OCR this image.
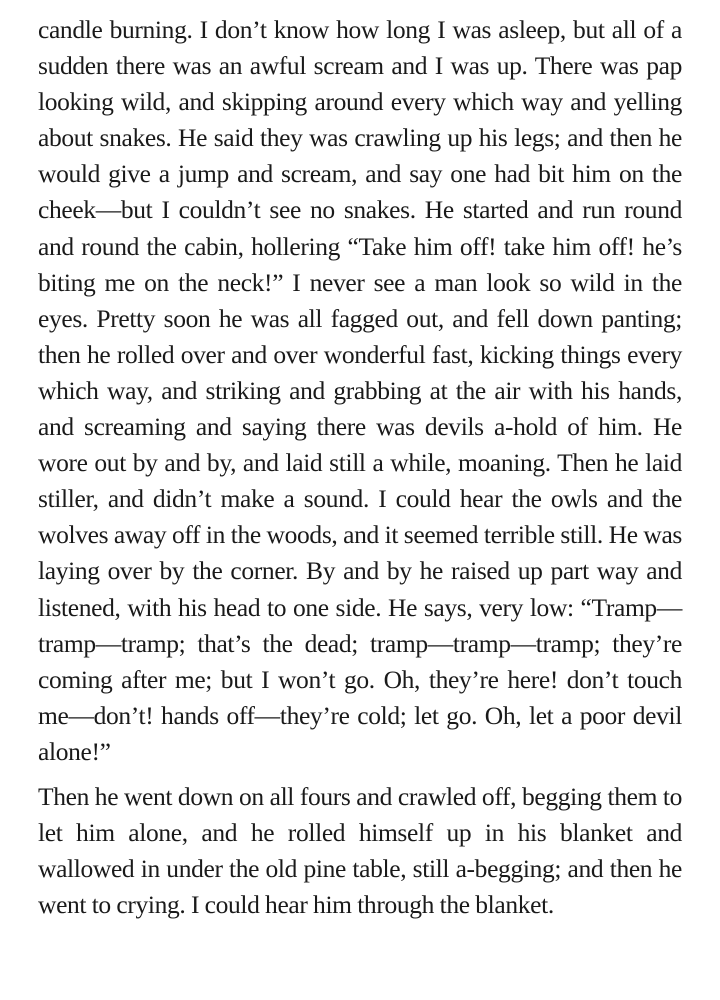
candle burning. I don’t know how long I was asleep, but all of a sudden there was an awful scream and I was up. There was pap looking wild, and skipping around every which way and yelling about snakes. He said they was crawling up his legs; and then he would give a jump and scream, and say one had bit him on the cheek—but I couldn’t see no snakes. He started and run round and round the cabin, hollering “Take him off! take him off! he’s biting me on the neck!” I never see a man look so wild in the eyes. Pretty soon he was all fagged out, and fell down panting; then he rolled over and over wonderful fast, kicking things every which way, and striking and grabbing at the air with his hands, and screaming and saying there was devils a-hold of him. He wore out by and by, and laid still a while, moaning. Then he laid stiller, and didn’t make a sound. I could hear the owls and the wolves away off in the woods, and it seemed terrible still. He was laying over by the corner. By and by he raised up part way and listened, with his head to one side. He says, very low: “Tramp—tramp—tramp; that’s the dead; tramp—tramp—tramp; they’re coming after me; but I won’t go. Oh, they’re here! don’t touch me—don’t! hands off—they’re cold; let go. Oh, let a poor devil alone!”

Then he went down on all fours and crawled off, begging them to let him alone, and he rolled himself up in his blanket and wallowed in under the old pine table, still a-begging; and then he went to crying. I could hear him through the blanket.
